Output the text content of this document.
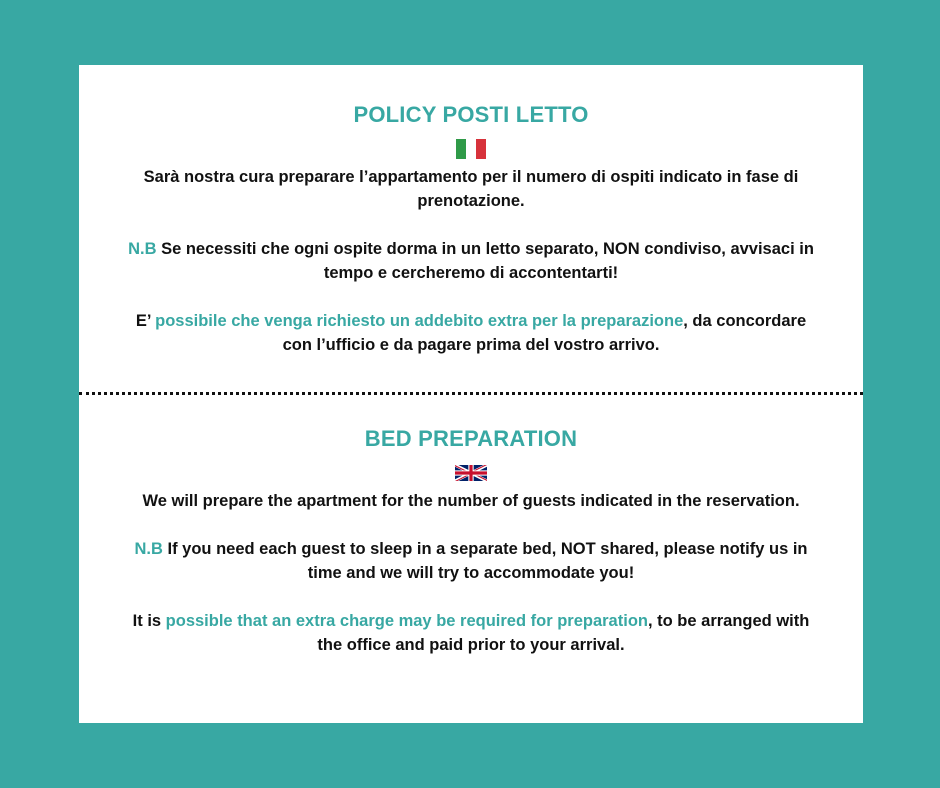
POLICY POSTI LETTO

Sarà nostra cura preparare l’appartamento per il numero di ospiti indicato in fase di prenotazione.

N.B Se necessiti che ogni ospite dorma in un letto separato, NON condiviso, avvisaci in tempo e cercheremo di accontentarti!

E’ possibile che venga richiesto un addebito extra per la preparazione, da concordare con l’ufficio e da pagare prima del vostro arrivo.

BED PREPARATION

We will prepare the apartment for the number of guests indicated in the reservation.

N.B If you need each guest to sleep in a separate bed, NOT shared, please notify us in time and we will try to accommodate you!

It is possible that an extra charge may be required for preparation, to be arranged with the office and paid prior to your arrival.
